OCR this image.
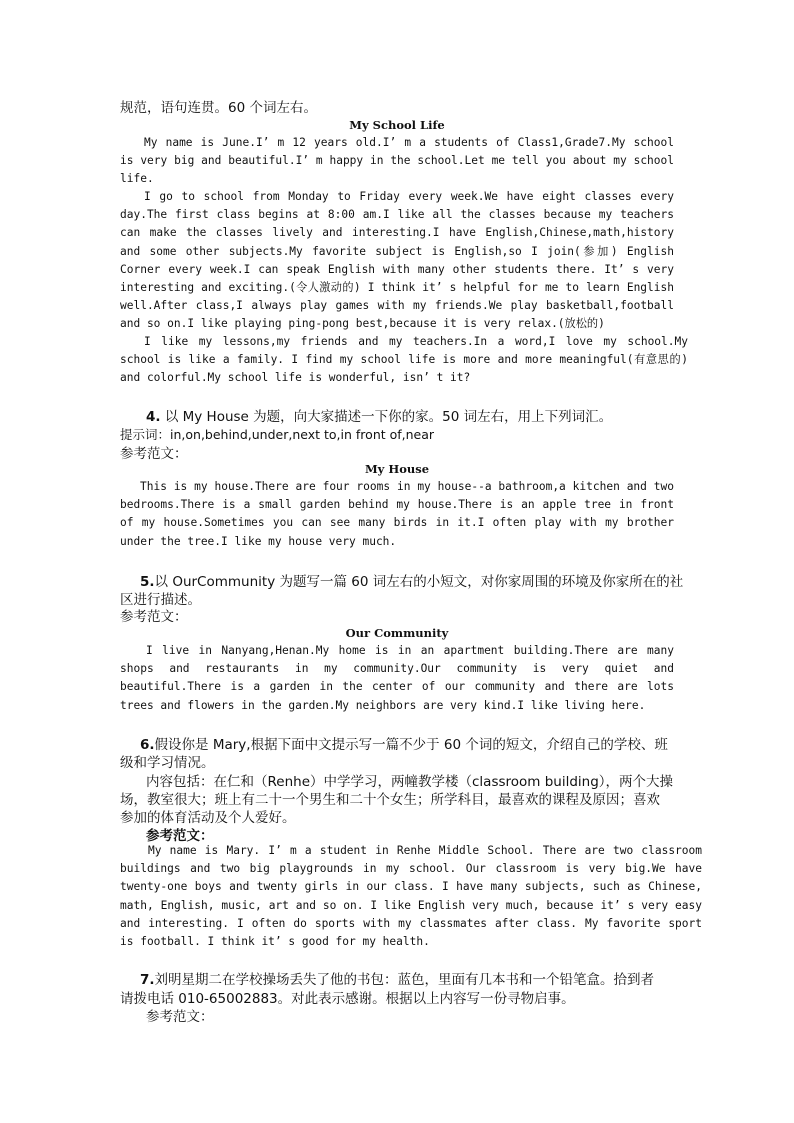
规范，语句连贯。60 个词左右。
My School Life
My name is June.I’ m 12 years old.I’ m a students of Class1,Grade7.My school is very big and beautiful.I’ m happy in the school.Let me tell you about my school life.
I go to school from Monday to Friday every week.We have eight classes every day.The first class begins at 8:00 am.I like all the classes because my teachers can make the classes lively and interesting.I have English,Chinese,math,history and some other subjects.My favorite subject is English,so I join(参加) English Corner every week.I can speak English with many other students there. It’ s very interesting and exciting.(令人激动的) I think it’ s helpful for me to learn English well.After class,I always play games with my friends.We play basketball,football and so on.I like playing ping-pong best,because it is very relax.(放松的)
I like my lessons,my friends and my teachers.In a word,I love my school.My school is like a family. I find my school life is more and more meaningful(有意思的) and colorful.My school life is wonderful, isn’ t it?
4. 以 My House 为题，向大家描述一下你的家。50 词左右，用上下列词汇。
提示词：in,on,behind,under,next to,in front of,near
参考范文：
My House
This is my house.There are four rooms in my house--a bathroom,a kitchen and two bedrooms.There is a small garden behind my house.There is an apple tree in front of my house.Sometimes you can see many birds in it.I often play with my brother under the tree.I like my house very much.
5.以 OurCommunity 为题写一篇 60 词左右的小短文，对你家周围的环境及你家所在的社
区进行描述。
参考范文：
Our Community
I live in Nanyang,Henan.My home is in an apartment building.There are many shops and restaurants in my community.Our community is very quiet and beautiful.There is a garden in the center of our community and there are lots trees and flowers in the garden.My neighbors are very kind.I like living here.
6.假设你是 Mary,根据下面中文提示写一篇不少于 60 个词的短文，介绍自己的学校、班
级和学习情况。
内容包括：在仁和（Renhe）中学学习，两幢教学楼（classroom building），两个大操
场，教室很大；班上有二十一个男生和二十个女生；所学科目，最喜欢的课程及原因；喜欢
参加的体育活动及个人爱好。
参考范文：
My name is Mary. I’ m a student in Renhe Middle School. There are two classroom buildings and two big playgrounds in my school. Our classroom is very big.We have twenty-one boys and twenty girls in our class. I have many subjects, such as Chinese, math, English, music, art and so on. I like English very much, because it’ s very easy and interesting. I often do sports with my classmates after class. My favorite sport is football. I think it’ s good for my health.
7.刘明星期二在学校操场丢失了他的书包：蓝色，里面有几本书和一个铅笔盒。拾到者
请拨电话 010-65002883。对此表示感谢。根据以上内容写一份寻物启事。
参考范文：
